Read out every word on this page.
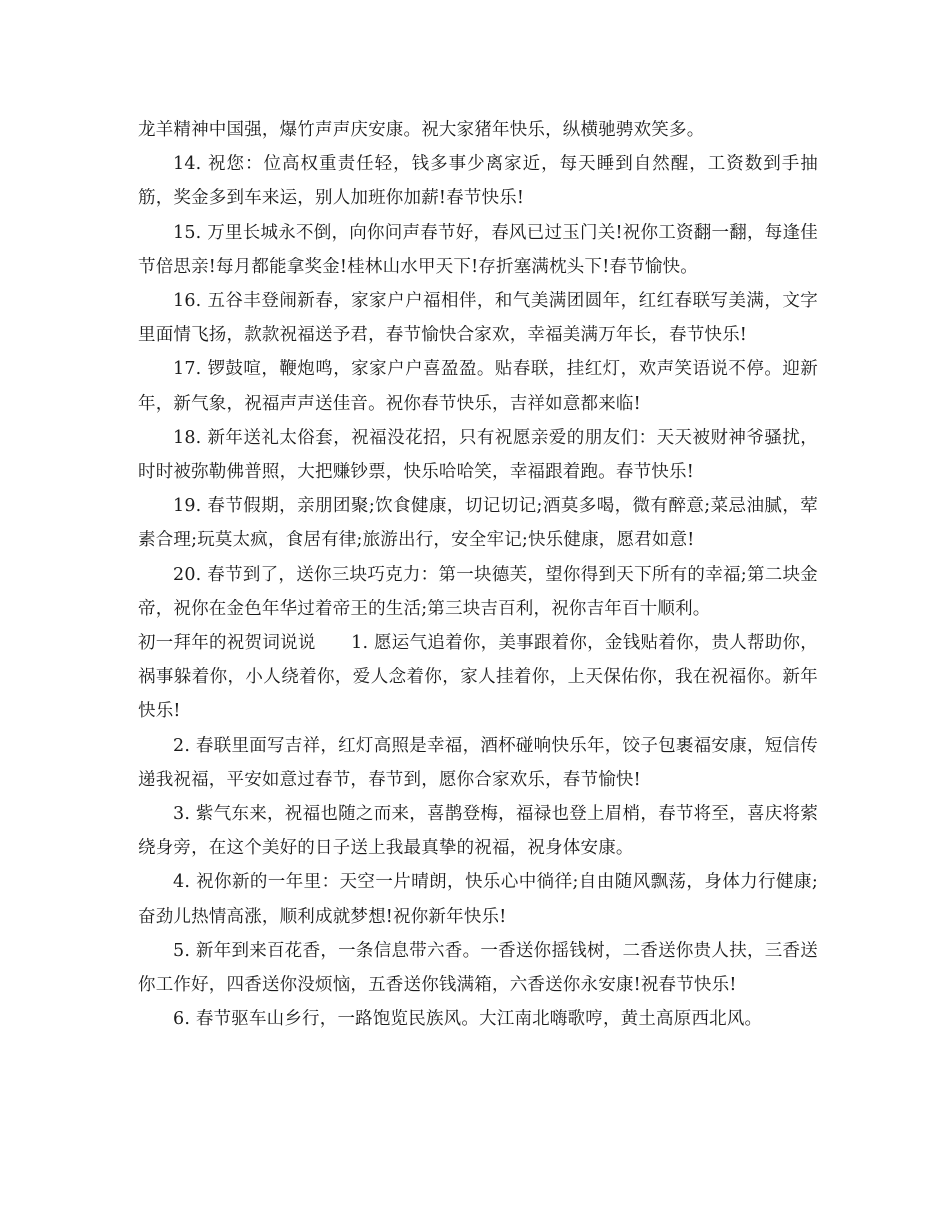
龙羊精神中国强，爆竹声声庆安康。祝大家猪年快乐，纵横驰骋欢笑多。

14. 祝您：位高权重责任轻，钱多事少离家近，每天睡到自然醒，工资数到手抽筋，奖金多到车来运，别人加班你加薪!春节快乐!

15. 万里长城永不倒，向你问声春节好，春风已过玉门关!祝你工资翻一翻，每逢佳节倍思亲!每月都能拿奖金!桂林山水甲天下!存折塞满枕头下!春节愉快。

16. 五谷丰登闹新春，家家户户福相伴，和气美满团圆年，红红春联写美满，文字里面情飞扬，款款祝福送予君，春节愉快合家欢，幸福美满万年长，春节快乐!

17. 锣鼓喧，鞭炮鸣，家家户户喜盈盈。贴春联，挂红灯，欢声笑语说不停。迎新年，新气象，祝福声声送佳音。祝你春节快乐，吉祥如意都来临!

18. 新年送礼太俗套，祝福没花招，只有祝愿亲爱的朋友们：天天被财神爷骚扰，时时被弥勒佛普照，大把赚钞票，快乐哈哈笑，幸福跟着跑。春节快乐!

19. 春节假期，亲朋团聚;饮食健康，切记切记;酒莫多喝，微有醉意;菜忌油腻，荤素合理;玩莫太疯，食居有律;旅游出行，安全牢记;快乐健康，愿君如意!

20. 春节到了，送你三块巧克力：第一块德芙，望你得到天下所有的幸福;第二块金帝，祝你在金色年华过着帝王的生活;第三块吉百利，祝你吉年百十顺利。

初一拜年的祝贺词说说　　1. 愿运气追着你，美事跟着你，金钱贴着你，贵人帮助你，祸事躲着你，小人绕着你，爱人念着你，家人挂着你，上天保佑你，我在祝福你。新年快乐!

2. 春联里面写吉祥，红灯高照是幸福，酒杯碰响快乐年，饺子包裹福安康，短信传递我祝福，平安如意过春节，春节到，愿你合家欢乐，春节愉快!

3. 紫气东来，祝福也随之而来，喜鹊登梅，福禄也登上眉梢，春节将至，喜庆将萦绕身旁，在这个美好的日子送上我最真挚的祝福，祝身体安康。

4. 祝你新的一年里：天空一片晴朗，快乐心中徜徉;自由随风飘荡，身体力行健康;奋劲儿热情高涨，顺利成就梦想!祝你新年快乐!

5. 新年到来百花香，一条信息带六香。一香送你摇钱树，二香送你贵人扶，三香送你工作好，四香送你没烦恼，五香送你钱满箱，六香送你永安康!祝春节快乐!

6. 春节驱车山乡行，一路饱览民族风。大江南北嗨歌哼，黄土高原西北风。
